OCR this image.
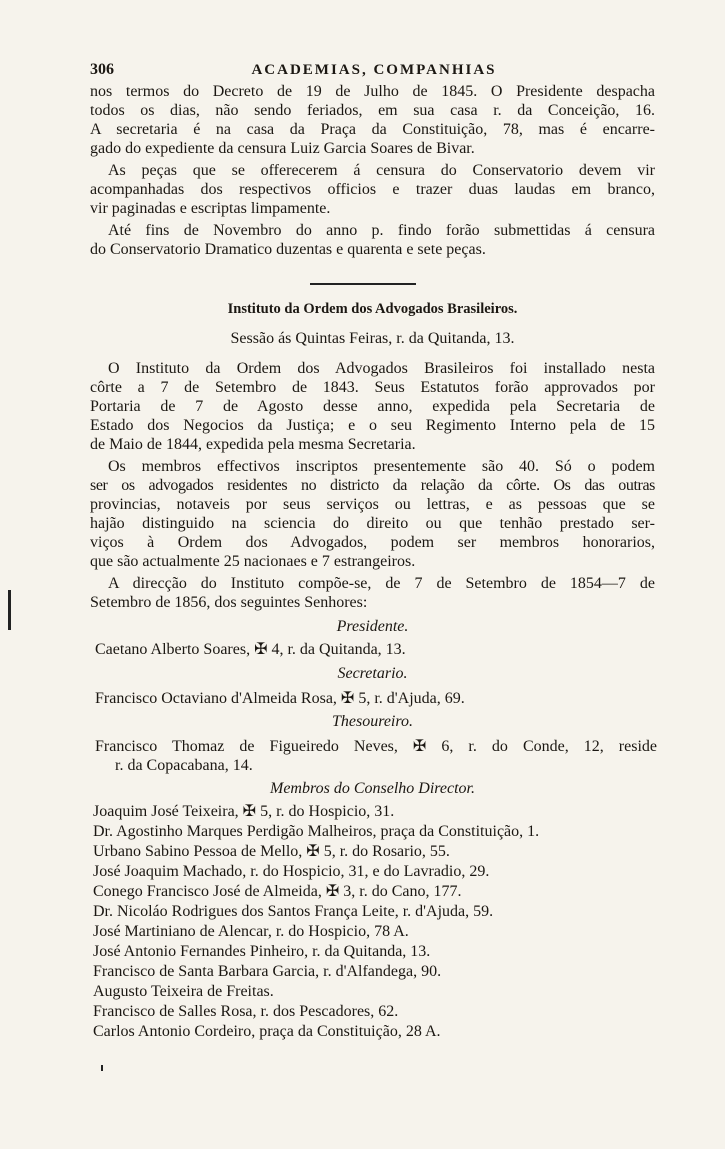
306	ACADEMIAS, COMPANHIAS
nos termos do Decreto de 19 de Julho de 1845. O Presidente despacha
todos os dias, não sendo feriados, em sua casa r. da Conceição, 16.
A secretaria é na casa da Praça da Constituição, 78, mas é encarre-
gado do expediente da censura Luiz Garcia Soares de Bivar.
As peças que se offerecerem á censura do Conservatorio devem vir
acompanhadas dos respectivos officios e trazer duas laudas em branco,
vir paginadas e escriptas limpamente.
Até fins de Novembro do anno p. findo forão submettidas á censura
do Conservatorio Dramatico duzentas e quarenta e sete peças.
Instituto da Ordem dos Advogados Brasileiros.
Sessão ás Quintas Feiras, r. da Quitanda, 13.
O Instituto da Ordem dos Advogados Brasileiros foi installado nesta
côrte a 7 de Setembro de 1843. Seus Estatutos forão approvados por
Portaria de 7 de Agosto desse anno, expedida pela Secretaria de
Estado dos Negocios da Justiça; e o seu Regimento Interno pela de 15
de Maio de 1844, expedida pela mesma Secretaria.
Os membros effectivos inscriptos presentemente são 40. Só o podem
ser os advogados residentes no districto da relação da côrte. Os das outras
provincias, notaveis por seus serviços ou lettras, e as pessoas que se
hajão distinguido na sciencia do direito ou que tenhão prestado ser-
viços à Ordem dos Advogados, podem ser membros honorarios,
que são actualmente 25 nacionaes e 7 estrangeiros.
A direcção do Instituto compõe-se, de 7 de Setembro de 1854—7 de
Setembro de 1856, dos seguintes Senhores:
Presidente.
Caetano Alberto Soares, ✠ 4, r. da Quitanda, 13.
Secretario.
Francisco Octaviano d'Almeida Rosa, ✠ 5, r. d'Ajuda, 69.
Thesoureiro.
Francisco Thomaz de Figueiredo Neves, ✠ 6, r. do Conde, 12, reside
r. da Copacabana, 14.
Membros do Conselho Director.
Joaquim José Teixeira, ✠ 5, r. do Hospicio, 31.
Dr. Agostinho Marques Perdigão Malheiros, praça da Constituição, 1.
Urbano Sabino Pessoa de Mello, ✠ 5, r. do Rosario, 55.
José Joaquim Machado, r. do Hospicio, 31, e do Lavradio, 29.
Conego Francisco José de Almeida, ✠ 3, r. do Cano, 177.
Dr. Nicoláo Rodrigues dos Santos França Leite, r. d'Ajuda, 59.
José Martiniano de Alencar, r. do Hospicio, 78 A.
José Antonio Fernandes Pinheiro, r. da Quitanda, 13.
Francisco de Santa Barbara Garcia, r. d'Alfandega, 90.
Augusto Teixeira de Freitas.
Francisco de Salles Rosa, r. dos Pescadores, 62.
Carlos Antonio Cordeiro, praça da Constituição, 28 A.
